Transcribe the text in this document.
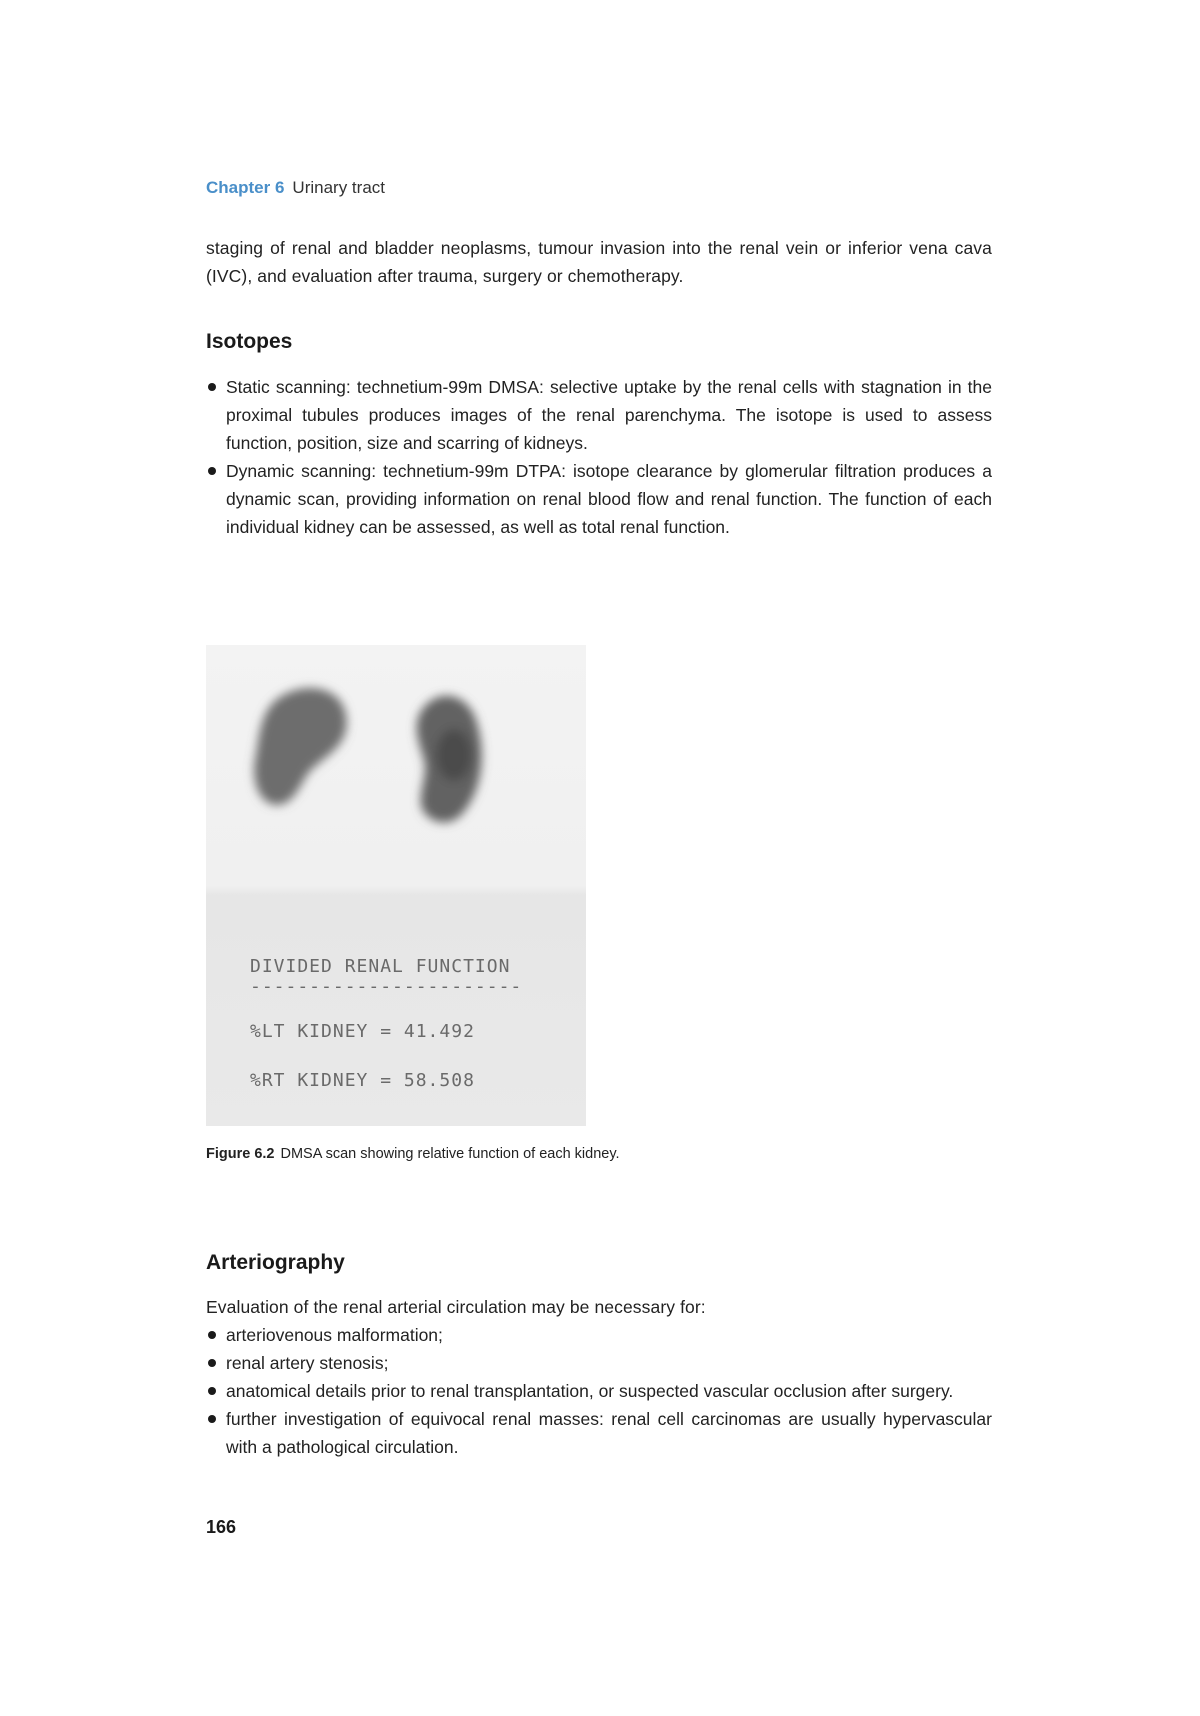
Chapter 6 Urinary tract

staging of renal and bladder neoplasms, tumour invasion into the renal vein or inferior vena cava (IVC), and evaluation after trauma, surgery or chemotherapy.

Isotopes
Static scanning: technetium-99m DMSA: selective uptake by the renal cells with stagnation in the proximal tubules produces images of the renal parenchyma. The isotope is used to assess function, position, size and scarring of kidneys.
Dynamic scanning: technetium-99m DTPA: isotope clearance by glomerular filtration produces a dynamic scan, providing information on renal blood flow and renal function. The function of each individual kidney can be assessed, as well as total renal function.
DIVIDED RENAL FUNCTION
-----------------------
%LT KIDNEY = 41.492
%RT KIDNEY = 58.508
Figure 6.2 DMSA scan showing relative function of each kidney.
Arteriography

Evaluation of the renal arterial circulation may be necessary for:

arteriovenous malformation;
renal artery stenosis;
anatomical details prior to renal transplantation, or suspected vascular occlusion after surgery.
further investigation of equivocal renal masses: renal cell carcinomas are usually hypervascular with a pathological circulation.
166
